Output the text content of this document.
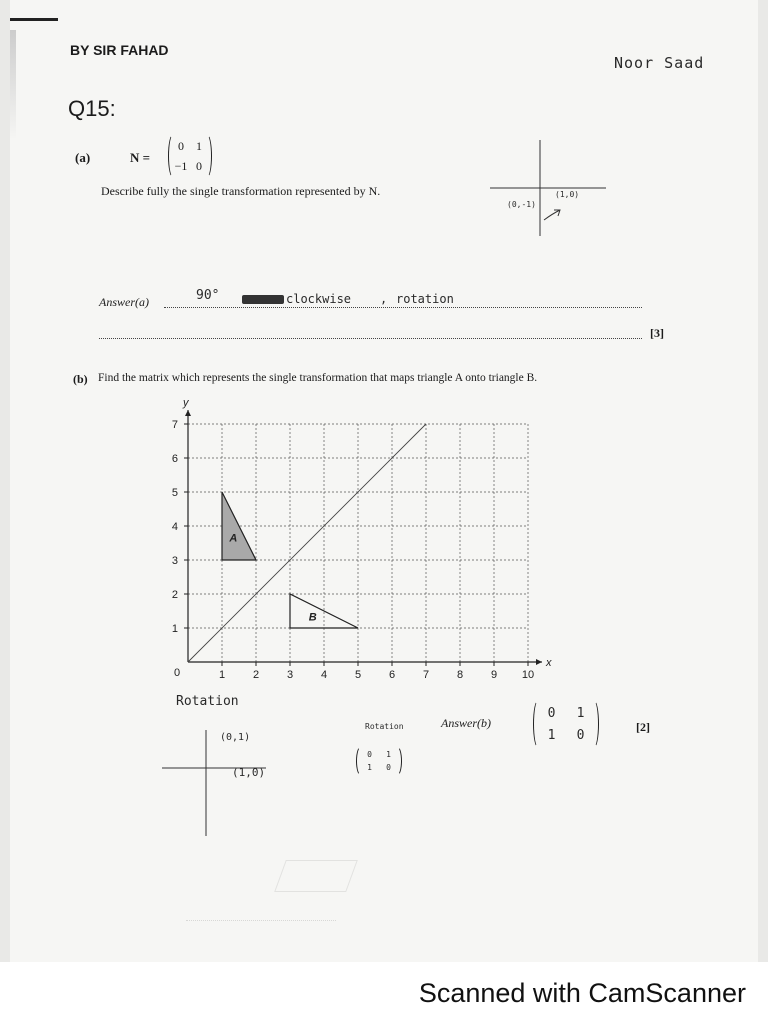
BY SIR FAHAD
Noor Saad
Q15:
(a)	N =
0	1
−1 0
Describe fully the single transformation represented by N.
(0,-1)
(1,0)
Answer(a)	90°	clockwise , rotation
[3]
(b) Find the matrix which represents the single transformation that maps triangle A onto triangle B.
1	2	3	4	5	6	7	8	9 10
1
2
3
4
5
6
7
0
x
y
A
B
Rotation
(0,1)
(1,0)
Rotation
0	1
1	0
Answer(b)
0	1
1	0
[2]
Scanned with CamScanner
